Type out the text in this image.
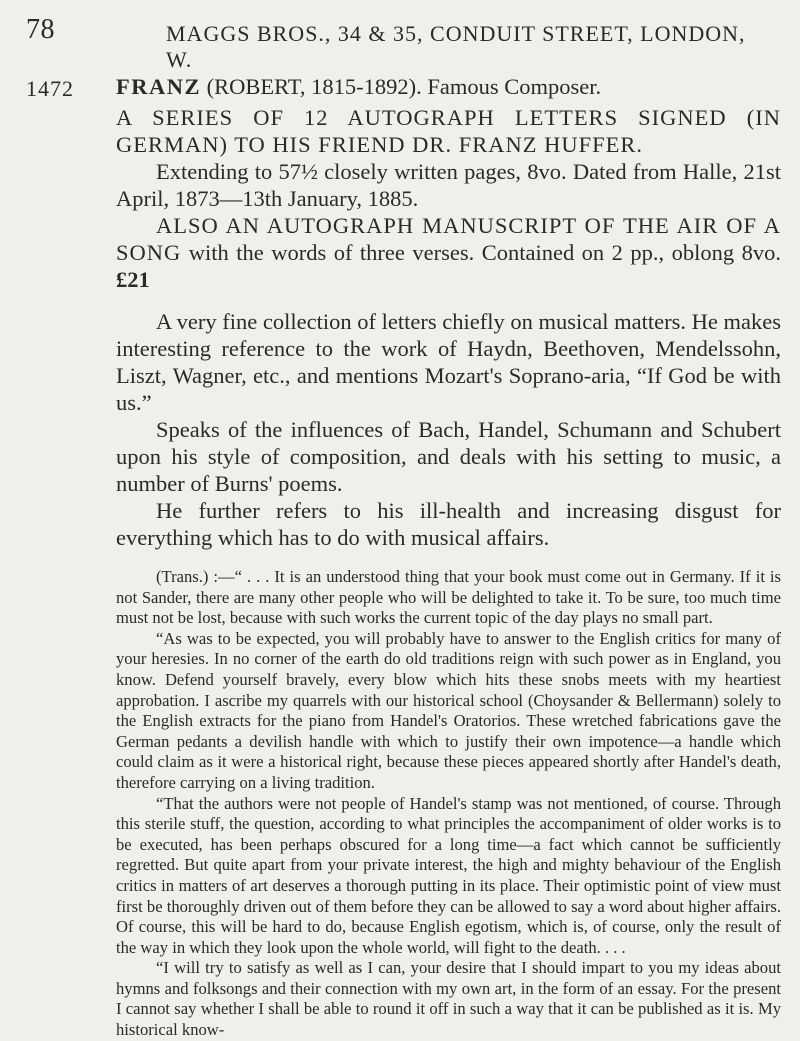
78	MAGGS BROS., 34 & 35, CONDUIT STREET, LONDON, W.
1472 FRANZ (ROBERT, 1815-1892). Famous Composer.

A SERIES OF 12 AUTOGRAPH LETTERS SIGNED (IN GERMAN) TO HIS FRIEND DR. FRANZ HUFFER.

Extending to 57½ closely written pages, 8vo. Dated from Halle, 21st April, 1873—13th January, 1885.

ALSO AN AUTOGRAPH MANUSCRIPT OF THE AIR OF A SONG with the words of three verses. Contained on 2 pp., oblong 8vo. £21

A very fine collection of letters chiefly on musical matters. He makes interesting reference to the work of Haydn, Beethoven, Mendelssohn, Liszt, Wagner, etc., and mentions Mozart's Soprano-aria, “If God be with us.”

Speaks of the influences of Bach, Handel, Schumann and Schubert upon his style of composition, and deals with his setting to music, a number of Burns' poems.

He further refers to his ill-health and increasing disgust for everything which has to do with musical affairs.

(Trans.) :—“ . . . It is an understood thing that your book must come out in Germany. If it is not Sander, there are many other people who will be delighted to take it. To be sure, too much time must not be lost, because with such works the current topic of the day plays no small part.

“As was to be expected, you will probably have to answer to the English critics for many of your heresies. In no corner of the earth do old traditions reign with such power as in England, you know. Defend yourself bravely, every blow which hits these snobs meets with my heartiest approbation. I ascribe my quarrels with our historical school (Choysander & Bellermann) solely to the English extracts for the piano from Handel's Oratorios. These wretched fabrications gave the German pedants a devilish handle with which to justify their own impotence—a handle which could claim as it were a historical right, because these pieces appeared shortly after Handel's death, therefore carrying on a living tradition.

“That the authors were not people of Handel's stamp was not mentioned, of course. Through this sterile stuff, the question, according to what principles the accompaniment of older works is to be executed, has been perhaps obscured for a long time—a fact which cannot be sufficiently regretted. But quite apart from your private interest, the high and mighty behaviour of the English critics in matters of art deserves a thorough putting in its place. Their optimistic point of view must first be thoroughly driven out of them before they can be allowed to say a word about higher affairs. Of course, this will be hard to do, because English egotism, which is, of course, only the result of the way in which they look upon the whole world, will fight to the death. . . .

“I will try to satisfy as well as I can, your desire that I should impart to you my ideas about hymns and folksongs and their connection with my own art, in the form of an essay. For the present I cannot say whether I shall be able to round it off in such a way that it can be published as it is. My historical know-
